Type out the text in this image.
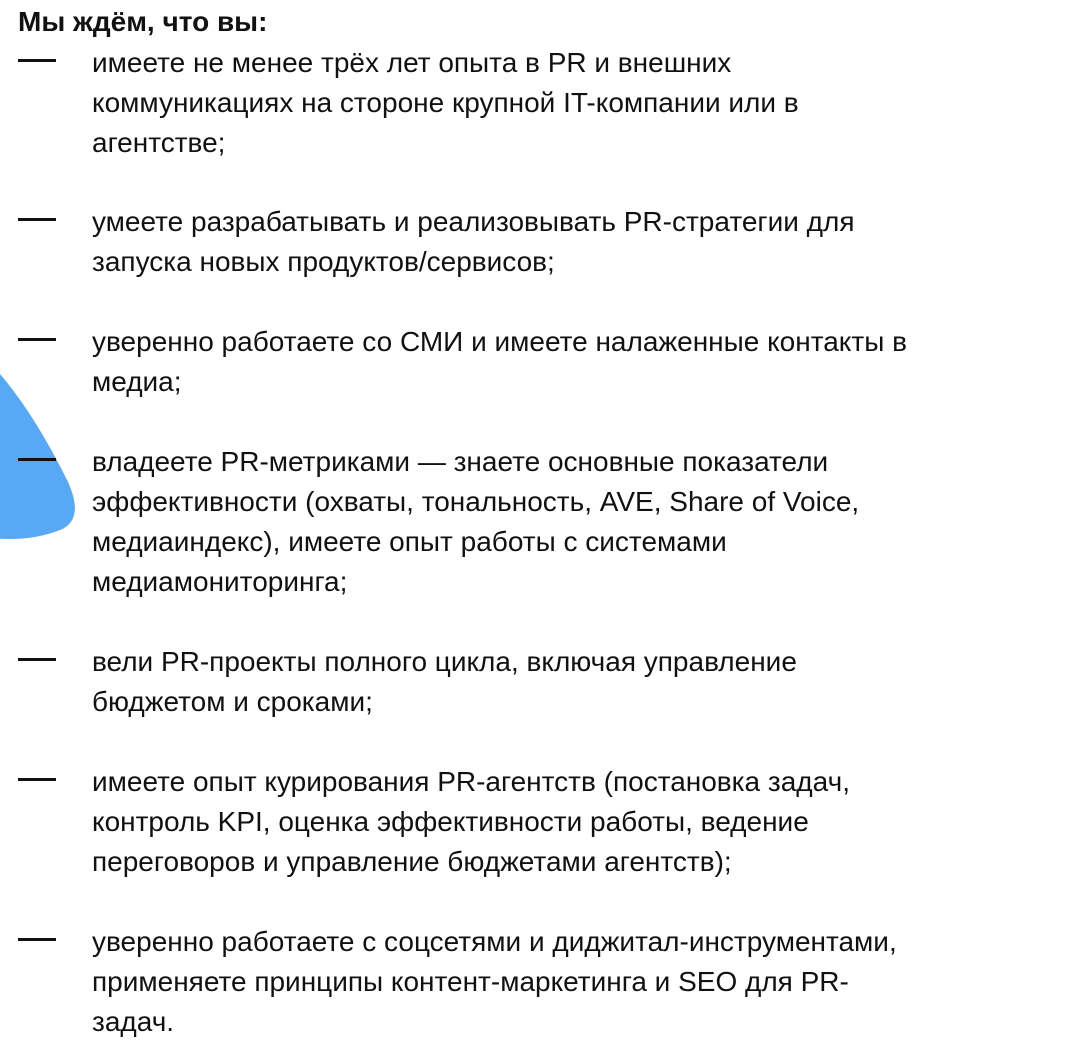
Мы ждём, что вы:
имеете не менее трёх лет опыта в PR и внешних
коммуникациях на стороне крупной IT-компании или в
агентстве;
умеете разрабатывать и реализовывать PR-стратегии для
запуска новых продуктов/сервисов;
уверенно работаете со СМИ и имеете налаженные контакты в
медиа;
владеете PR-метриками — знаете основные показатели
эффективности (охваты, тональность, AVE, Share of Voice,
медиаиндекс), имеете опыт работы с системами
медиамониторинга;
вели PR-проекты полного цикла, включая управление
бюджетом и сроками;
имеете опыт курирования PR-агентств (постановка задач,
контроль KPI, оценка эффективности работы, ведение
переговоров и управление бюджетами агентств);
уверенно работаете с соцсетями и диджитал-инструментами,
применяете принципы контент-маркетинга и SEO для PR-
задач.
